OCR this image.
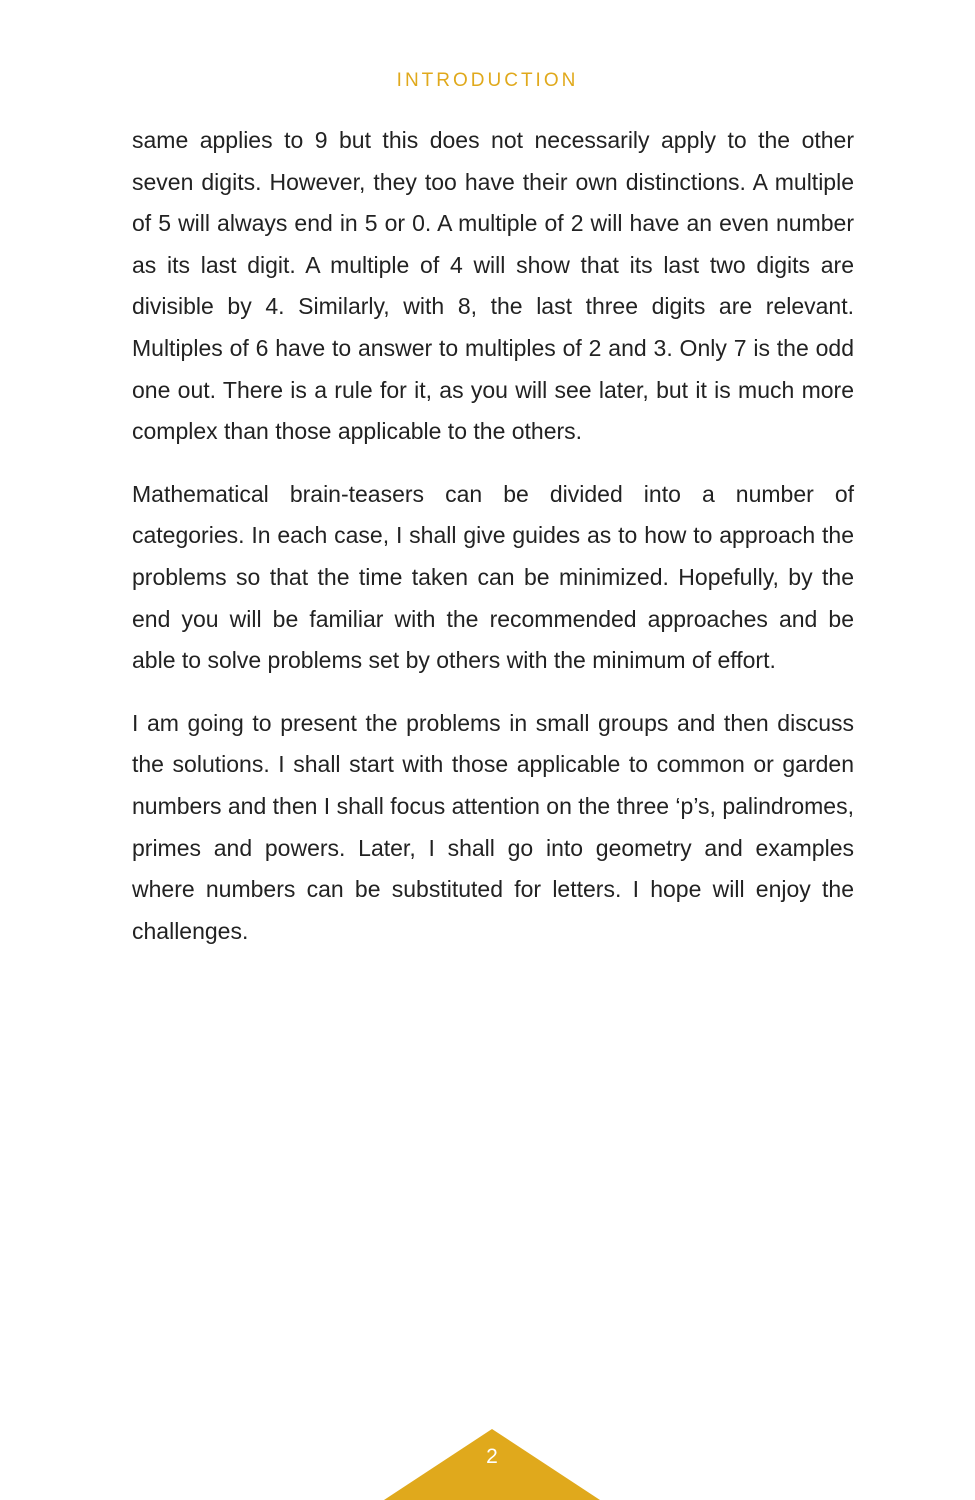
INTRODUCTION

same applies to 9 but this does not necessarily apply to the other seven digits. However, they too have their own distinctions. A multiple of 5 will always end in 5 or 0. A multiple of 2 will have an even number as its last digit. A multiple of 4 will show that its last two digits are divisible by 4. Similarly, with 8, the last three digits are relevant. Multiples of 6 have to answer to multiples of 2 and 3. Only 7 is the odd one out. There is a rule for it, as you will see later, but it is much more complex than those applicable to the others.

Mathematical brain-teasers can be divided into a number of categories. In each case, I shall give guides as to how to approach the problems so that the time taken can be minimized. Hopefully, by the end you will be familiar with the recommended approaches and be able to solve problems set by others with the minimum of effort.

I am going to present the problems in small groups and then discuss the solutions. I shall start with those applicable to common or garden numbers and then I shall focus attention on the three ‘p’s, palindromes, primes and powers. Later, I shall go into geometry and examples where numbers can be substituted for letters. I hope will enjoy the challenges.

2
